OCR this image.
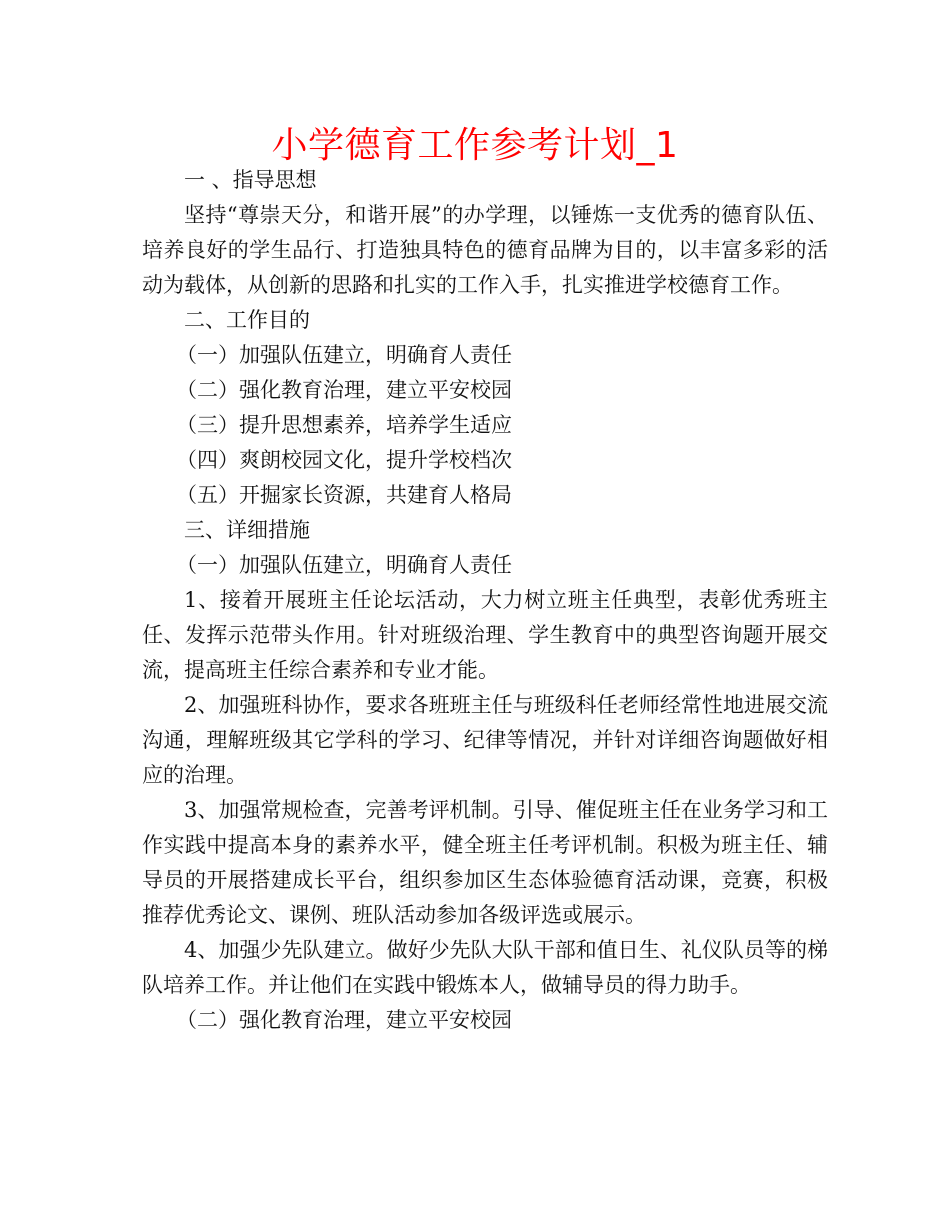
小学德育工作参考计划_1

一 、指导思想

坚持“尊崇天分，和谐开展”的办学理，以锤炼一支优秀的德育队伍、培养良好的学生品行、打造独具特色的德育品牌为目的，以丰富多彩的活动为载体，从创新的思路和扎实的工作入手，扎实推进学校德育工作。

二、工作目的

（一）加强队伍建立，明确育人责任

（二）强化教育治理，建立平安校园

（三）提升思想素养，培养学生适应

（四）爽朗校园文化，提升学校档次

（五）开掘家长资源，共建育人格局

三、详细措施

（一）加强队伍建立，明确育人责任

1、接着开展班主任论坛活动，大力树立班主任典型，表彰优秀班主任、发挥示范带头作用。针对班级治理、学生教育中的典型咨询题开展交流，提高班主任综合素养和专业才能。

2、加强班科协作，要求各班班主任与班级科任老师经常性地进展交流沟通，理解班级其它学科的学习、纪律等情况，并针对详细咨询题做好相应的治理。

3、加强常规检查，完善考评机制。引导、催促班主任在业务学习和工作实践中提高本身的素养水平，健全班主任考评机制。积极为班主任、辅导员的开展搭建成长平台，组织参加区生态体验德育活动课，竞赛，积极推荐优秀论文、课例、班队活动参加各级评选或展示。

4、加强少先队建立。做好少先队大队干部和值日生、礼仪队员等的梯队培养工作。并让他们在实践中锻炼本人，做辅导员的得力助手。

（二）强化教育治理，建立平安校园
